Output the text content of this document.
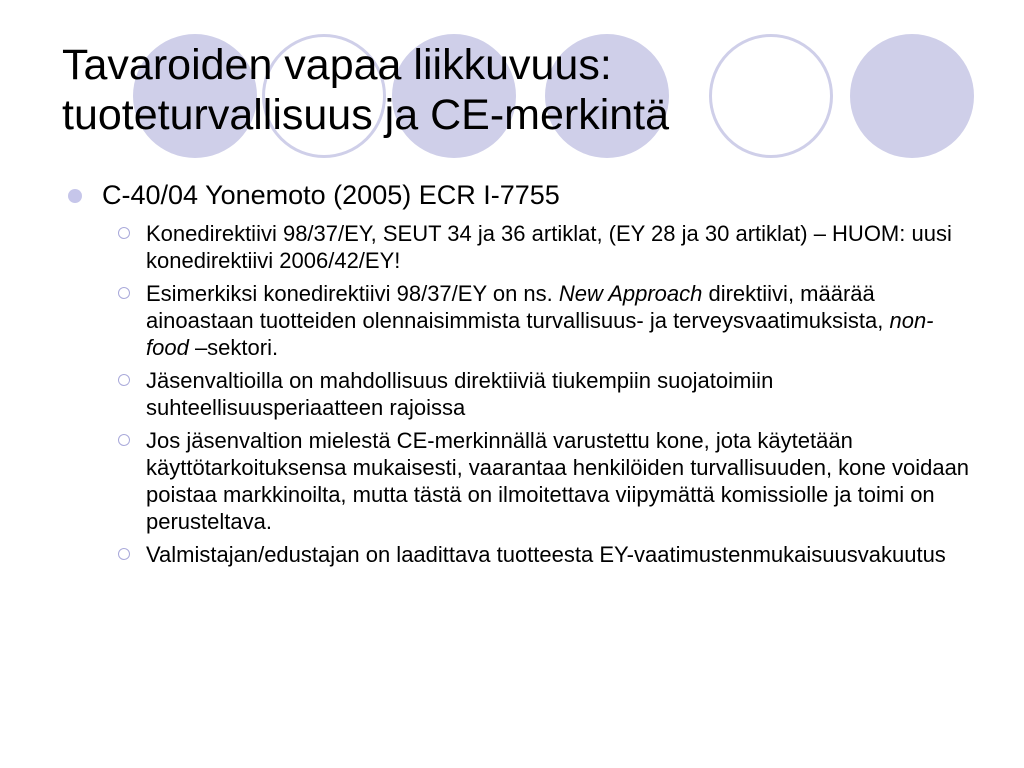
Tavaroiden vapaa liikkuvuus:
tuoteturvallisuus ja CE-merkintä
C-40/04 Yonemoto (2005) ECR I-7755
Konedirektiivi 98/37/EY, SEUT 34 ja 36 artiklat, (EY 28 ja 30 artiklat) – HUOM: uusi konedirektiivi 2006/42/EY!
Esimerkiksi konedirektiivi 98/37/EY on ns. New Approach direktiivi, määrää ainoastaan tuotteiden olennaisimmista turvallisuus- ja terveysvaatimuksista, non-food –sektori.
Jäsenvaltioilla on mahdollisuus direktiiviä tiukempiin suojatoimiin suhteellisuusperiaatteen rajoissa
Jos jäsenvaltion mielestä CE-merkinnällä varustettu kone, jota käytetään käyttötarkoituksensa mukaisesti, vaarantaa henkilöiden turvallisuuden, kone voidaan poistaa markkinoilta, mutta tästä on ilmoitettava viipymättä komissiolle ja toimi on perusteltava.
Valmistajan/edustajan on laadittava tuotteesta EY-vaatimustenmukaisuusvakuutus
